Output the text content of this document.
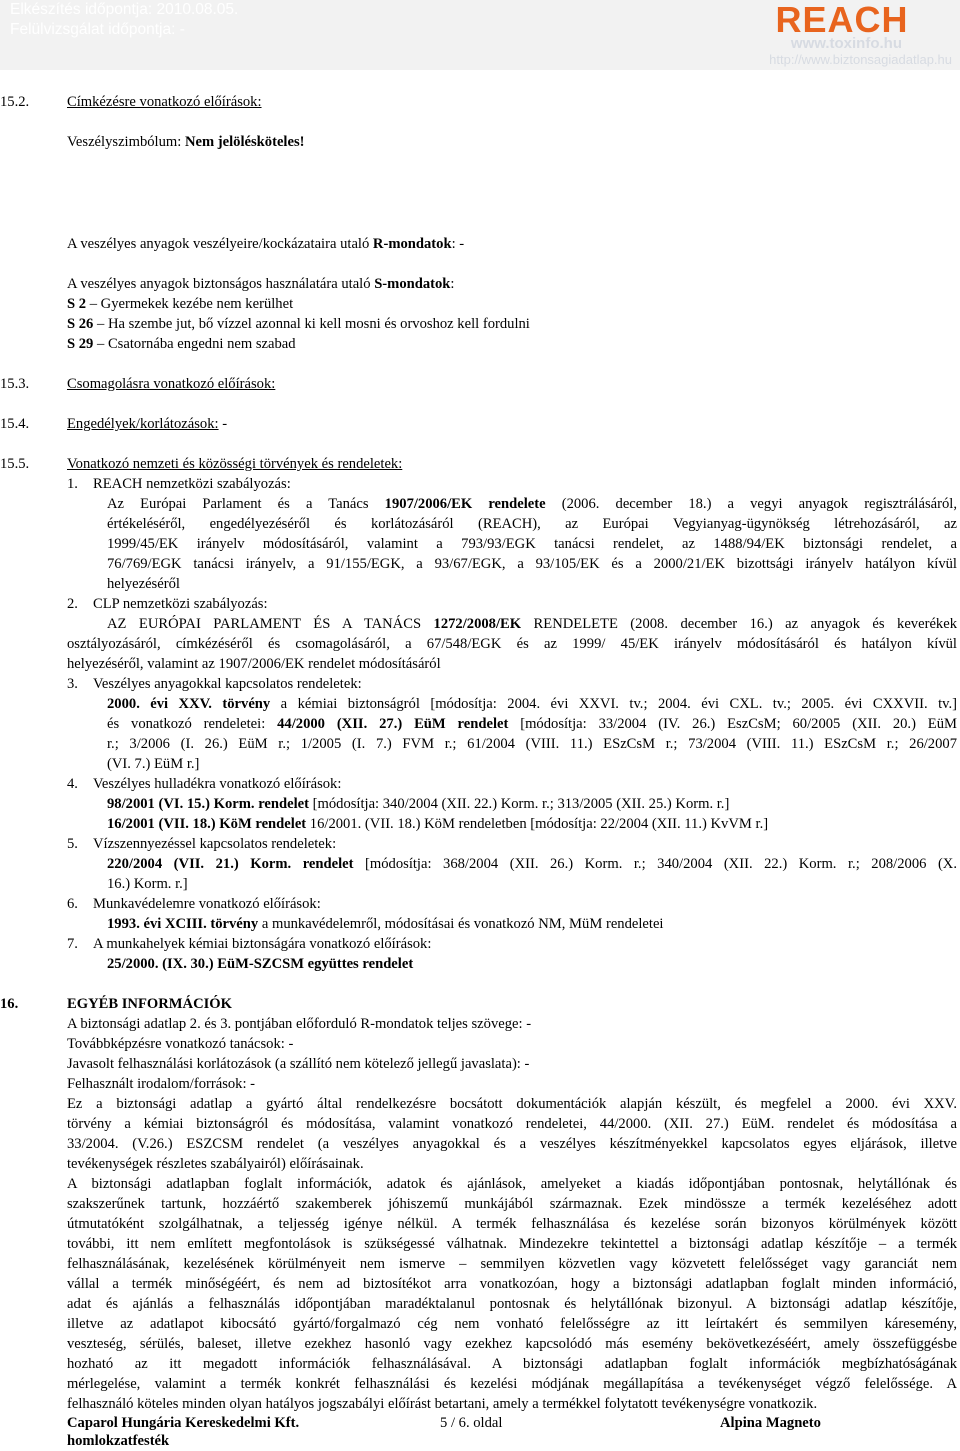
Elkészítés időpontja: 2010.08.05.
Felülvizsgálat időpontja: -	REACH
www.toxinfo.hu
http://www.biztonsagiadatlap.hu
15.2.	Címkézésre vonatkozó előírások:
Veszélyszimbólum: Nem jelölésköteles!
A veszélyes anyagok veszélyeire/kockázataira utaló R-mondatok: -
A veszélyes anyagok biztonságos használatára utaló S-mondatok:
S 2 – Gyermekek kezébe nem kerülhet
S 26 – Ha szembe jut, bő vízzel azonnal ki kell mosni és orvoshoz kell fordulni
S 29 – Csatornába engedni nem szabad
15.3.	Csomagolásra vonatkozó előírások:
15.4.	Engedélyek/korlátozások: -
15.5.	Vonatkozó nemzeti és közösségi törvények és rendeletek:
1. REACH nemzetközi szabályozás:
Az Európai Parlament és a Tanács 1907/2006/EK rendelete (2006. december 18.) a vegyi anyagok regisztrálásáról,
értékeléséről, engedélyezéséről és korlátozásáról (REACH), az Európai Vegyianyag-ügynökség létrehozásáról, az
1999/45/EK irányelv módosításáról, valamint a 793/93/EGK tanácsi rendelet, az 1488/94/EK biztonsági rendelet, a
76/769/EGK tanácsi irányelv, a 91/155/EGK, a 93/67/EGK, a 93/105/EK és a 2000/21/EK bizottsági irányelv hatályon kívül
helyezéséről
2. CLP nemzetközi szabályozás:
AZ EURÓPAI PARLAMENT ÉS A TANÁCS 1272/2008/EK RENDELETE (2008. december 16.) az anyagok és keverékek
osztályozásáról, címkézéséről és csomagolásáról, a 67/548/EGK és az 1999/ 45/EK irányelv módosításáról és hatályon kívül
helyezéséről, valamint az 1907/2006/EK rendelet módosításáról
3. Veszélyes anyagokkal kapcsolatos rendeletek:
2000. évi XXV. törvény a kémiai biztonságról [módosítja: 2004. évi XXVI. tv.; 2004. évi CXL. tv.; 2005. évi CXXVII. tv.]
és vonatkozó rendeletei: 44/2000 (XII. 27.) EüM rendelet [módosítja: 33/2004 (IV. 26.) EszCsM; 60/2005 (XII. 20.) EüM
r.; 3/2006 (I. 26.) EüM r.; 1/2005 (I. 7.) FVM r.; 61/2004 (VIII. 11.) ESzCsM r.; 73/2004 (VIII. 11.) ESzCsM r.; 26/2007
(VI. 7.) EüM r.]
4. Veszélyes hulladékra vonatkozó előírások:
98/2001 (VI. 15.) Korm. rendelet [módosítja: 340/2004 (XII. 22.) Korm. r.; 313/2005 (XII. 25.) Korm. r.]
16/2001 (VII. 18.) KöM rendelet 16/2001. (VII. 18.) KöM rendeletben [módosítja: 22/2004 (XII. 11.) KvVM r.]
5. Vízszennyezéssel kapcsolatos rendeletek:
220/2004 (VII. 21.) Korm. rendelet [módosítja: 368/2004 (XII. 26.) Korm. r.; 340/2004 (XII. 22.) Korm. r.; 208/2006 (X.
16.) Korm. r.]
6. Munkavédelemre vonatkozó előírások:
1993. évi XCIII. törvény a munkavédelemről, módosításai és vonatkozó NM, MüM rendeletei
7. A munkahelyek kémiai biztonságára vonatkozó előírások:
25/2000. (IX. 30.) EüM-SZCSM együttes rendelet
16.	EGYÉB INFORMÁCIÓK
A biztonsági adatlap 2. és 3. pontjában előforduló R-mondatok teljes szövege: -
Továbbképzésre vonatkozó tanácsok: -
Javasolt felhasználási korlátozások (a szállító nem kötelező jellegű javaslata): -
Felhasznált irodalom/források: -
Ez a biztonsági adatlap a gyártó által rendelkezésre bocsátott dokumentációk alapján készült, és megfelel a 2000. évi XXV.
törvény a kémiai biztonságról és módosítása, valamint vonatkozó rendeletei, 44/2000. (XII. 27.) EüM. rendelet és módosítása a
33/2004. (V.26.) ESZCSM rendelet (a veszélyes anyagokkal és a veszélyes készítményekkel kapcsolatos egyes eljárások, illetve
tevékenységek részletes szabályairól) előírásainak.
A biztonsági adatlapban foglalt információk, adatok és ajánlások, amelyeket a kiadás időpontjában pontosnak, helytállónak és
szakszerűnek tartunk, hozzáértő szakemberek jóhiszemű munkájából származnak. Ezek mindössze a termék kezeléséhez adott
útmutatóként szolgálhatnak, a teljesség igénye nélkül. A termék felhasználása és kezelése során bizonyos körülmények között
további, itt nem említett megfontolások is szükségessé válhatnak. Mindezekre tekintettel a biztonsági adatlap készítője – a termék
felhasználásának, kezelésének körülményeit nem ismerve – semmilyen közvetlen vagy közvetett felelősséget vagy garanciát nem
vállal a termék minőségéért, és nem ad biztosítékot arra vonatkozóan, hogy a biztonsági adatlapban foglalt minden információ,
adat és ajánlás a felhasználás időpontjában maradéktalanul pontosnak és helytállónak bizonyul. A biztonsági adatlap készítője,
illetve az adatlapot kibocsátó gyártó/forgalmazó cég nem vonható felelősségre az itt leírtakért és semmilyen káresemény,
veszteség, sérülés, baleset, illetve ezekhez hasonló vagy ezekhez kapcsolódó más esemény bekövetkezéséért, amely összefüggésbe
hozható az itt megadott információk felhasználásával. A biztonsági adatlapban foglalt információk megbízhatóságának
mérlegelése, valamint a termék konkrét felhasználási és kezelési módjának megállapítása a tevékenységet végző felelőssége. A
felhasználó köteles minden olyan hatályos jogszabályi előírást betartani, amely a termékkel folytatott tevékenységre vonatkozik.
Caparol Hungária Kereskedelmi Kft.
homlokzatfesték
5 / 6. oldal	Alpina Magneto
